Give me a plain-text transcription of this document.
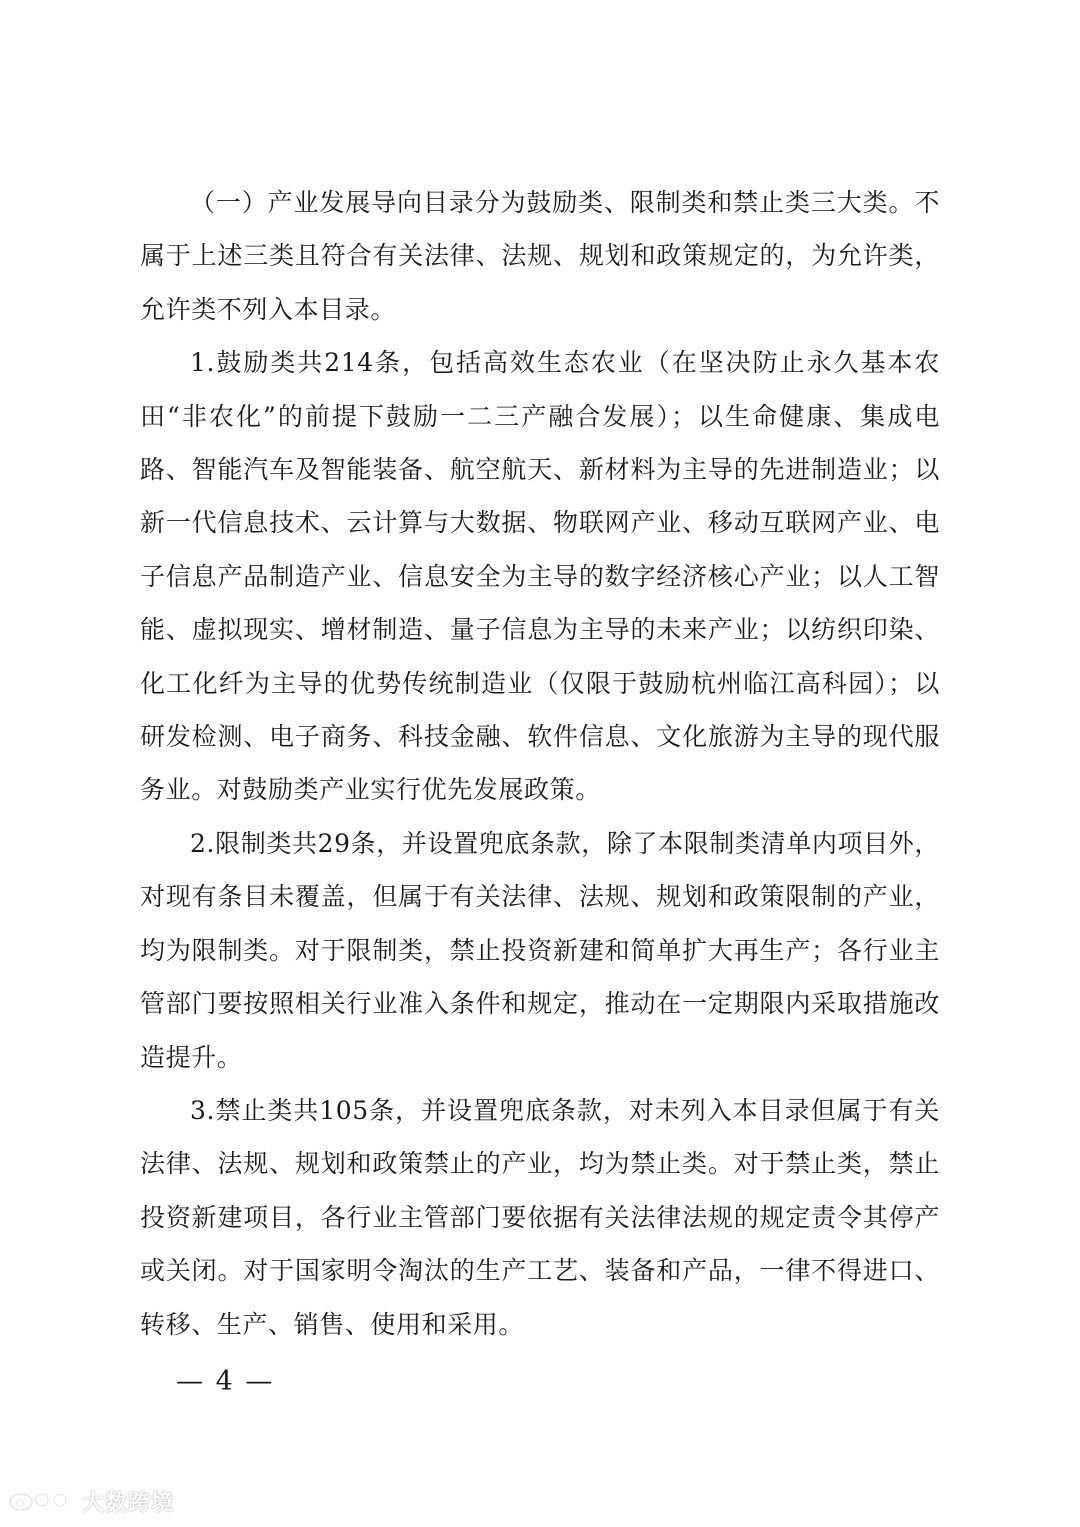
（一）产业发展导向目录分为鼓励类、限制类和禁止类三大类。不属于上述三类且符合有关法律、法规、规划和政策规定的，为允许类，允许类不列入本目录。

1.鼓励类共214条，包括高效生态农业（在坚决防止永久基本农田“非农化”的前提下鼓励一二三产融合发展）；以生命健康、集成电路、智能汽车及智能装备、航空航天、新材料为主导的先进制造业；以新一代信息技术、云计算与大数据、物联网产业、移动互联网产业、电子信息产品制造产业、信息安全为主导的数字经济核心产业；以人工智能、虚拟现实、增材制造、量子信息为主导的未来产业；以纺织印染、化工化纤为主导的优势传统制造业（仅限于鼓励杭州临江高科园）；以研发检测、电子商务、科技金融、软件信息、文化旅游为主导的现代服务业。对鼓励类产业实行优先发展政策。

2.限制类共29条，并设置兜底条款，除了本限制类清单内项目外，对现有条目未覆盖，但属于有关法律、法规、规划和政策限制的产业，均为限制类。对于限制类，禁止投资新建和简单扩大再生产；各行业主管部门要按照相关行业准入条件和规定，推动在一定期限内采取措施改造提升。

3.禁止类共105条，并设置兜底条款，对未列入本目录但属于有关法律、法规、规划和政策禁止的产业，均为禁止类。对于禁止类，禁止投资新建项目，各行业主管部门要依据有关法律法规的规定责令其停产或关闭。对于国家明令淘汰的生产工艺、装备和产品，一律不得进口、转移、生产、销售、使用和采用。

— 4 —
大数跨境
